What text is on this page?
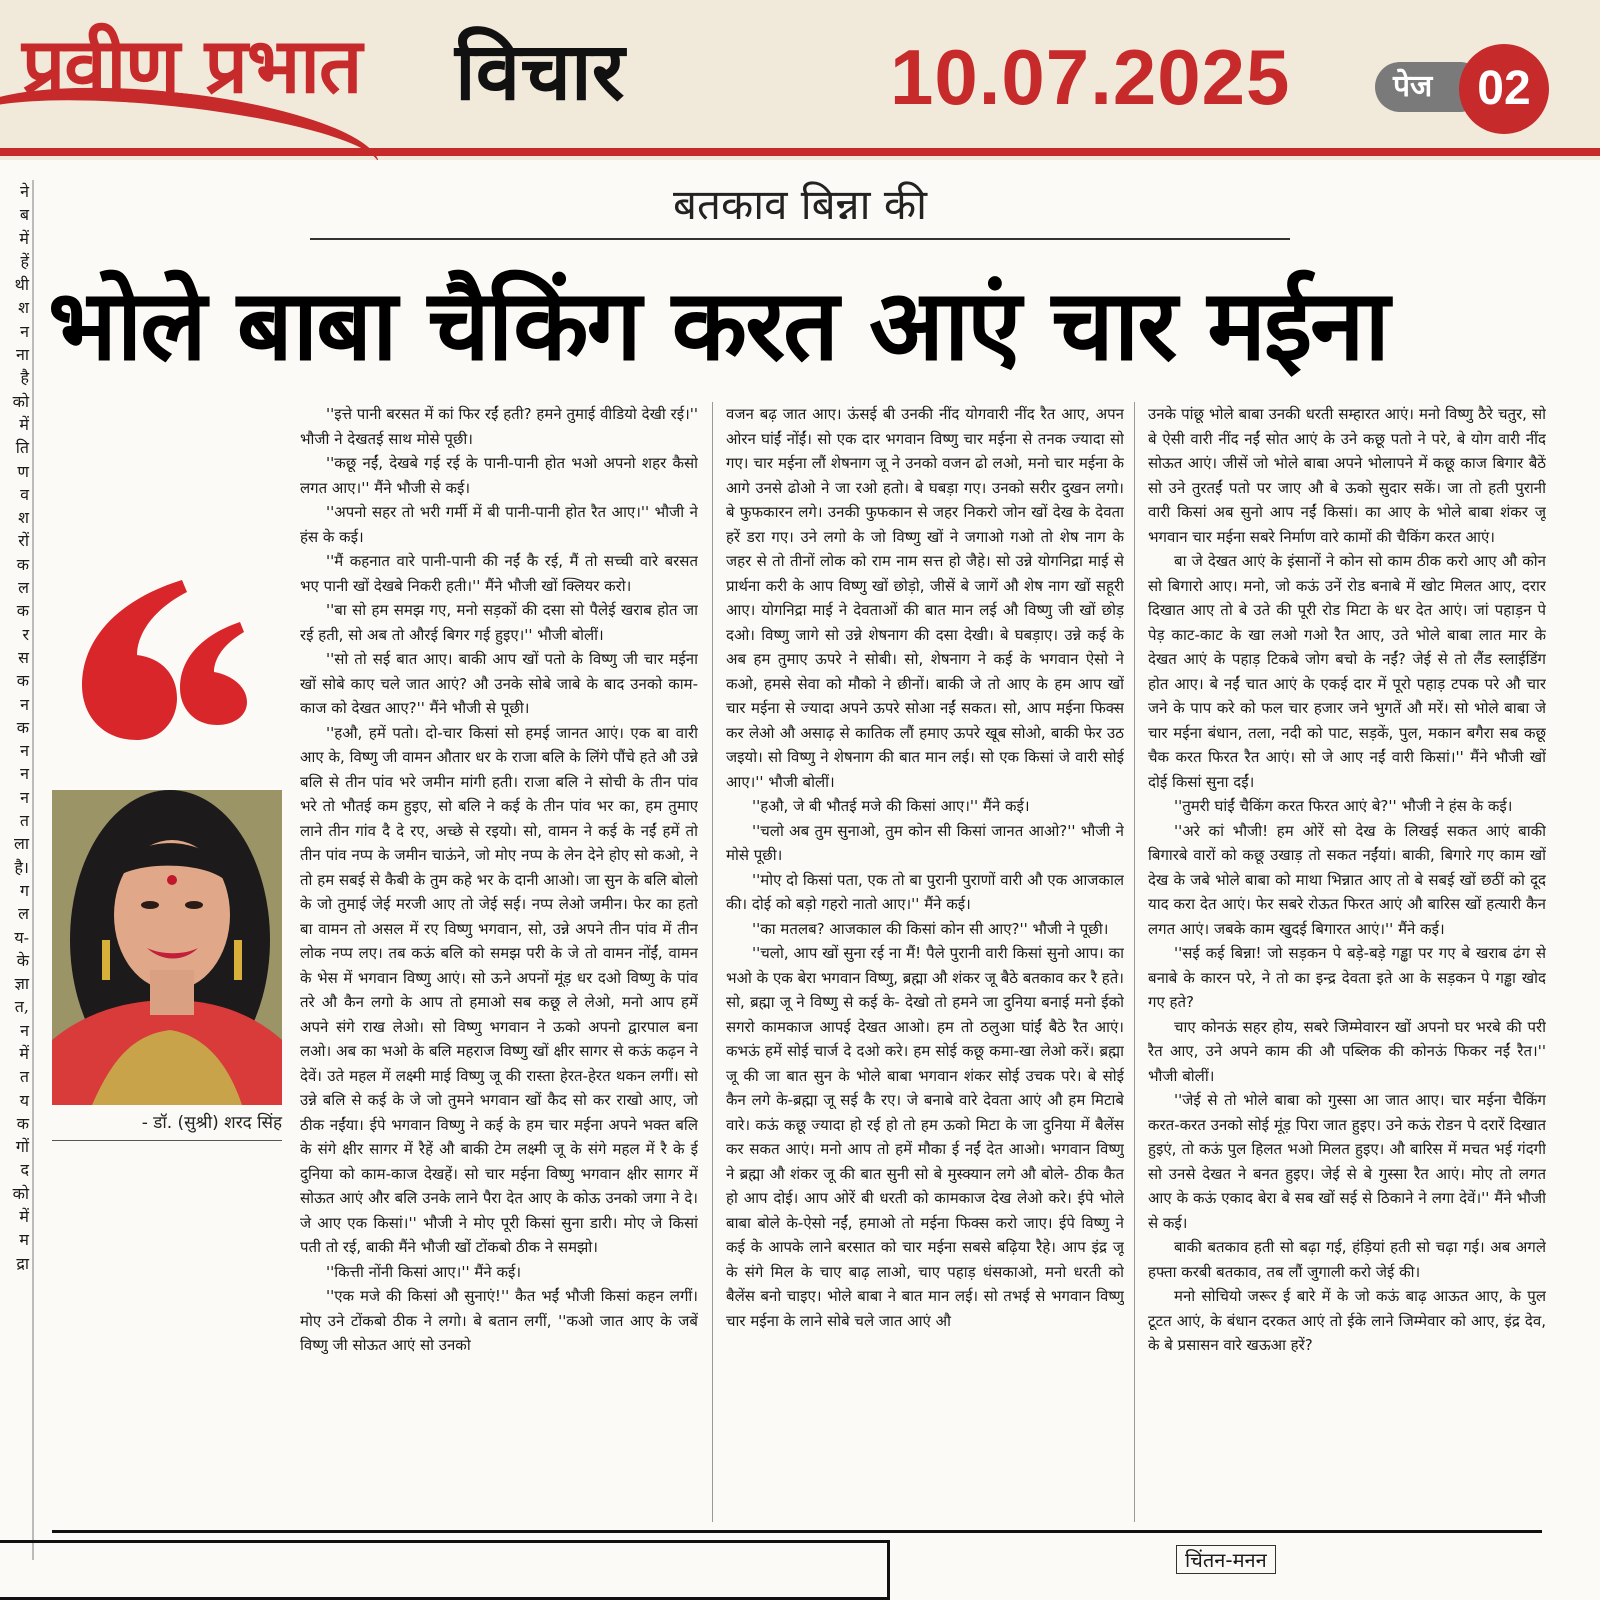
प्रवीण प्रभात विचार	10.07.2025	पेज 02
ने
ब
में
हें
थी
श
न
ना
है
को
में
ति
ण
व
श
रों
क
ल
क
र
स
क
न
क
न
न
न
त
ला
है।
ग
ल
य-
के
ज्ञा
त,
न
में
त
य
क
गों
द
को
में
म
द्रा
बतकाव बिन्ना की
भोले बाबा चैकिंग करत आएं चार मईना
- डॉ. (सुश्री) शरद सिंह

''इत्ते पानी बरसत में कां फिर रईं हती? हमने तुमाई वीडियो देखी रई।'' भौजी ने देखतई साथ मोसे पूछी।

''कछू नईं, देखबे गई रई के पानी-पानी होत भओ अपनो शहर कैसो लगत आए।'' मैंने भौजी से कई।

''अपनो सहर तो भरी गर्मी में बी पानी-पानी होत रैत आए।'' भौजी ने हंस के कई।

''मैं कहनात वारे पानी-पानी की नईं कै रई, मैं तो सच्ची वारे बरसत भए पानी खों देखबे निकरी हती।'' मैंने भौजी खों क्लियर करो।

''बा सो हम समझ गए, मनो सड़कों की दसा सो पैलेई खराब होत जा रई हती, सो अब तो औरई बिगर गई हुइए।'' भौजी बोलीं।

''सो तो सई बात आए। बाकी आप खों पतो के विष्णु जी चार मईना खों सोबे काए चले जात आएं? औ उनके सोबे जाबे के बाद उनको काम-काज को देखत आए?'' मैंने भौजी से पूछी।

''हऔ, हमें पतो। दो-चार किसां सो हमई जानत आएं। एक बा वारी आए के, विष्णु जी वामन औतार धर के राजा बलि के लिंगे पौंचे हते औ उन्ने बलि से तीन पांव भरे जमीन मांगी हती। राजा बलि ने सोची के तीन पांव भरे तो भौतई कम हुइए, सो बलि ने कई के तीन पांव भर का, हम तुमाए लाने तीन गांव दै दे रए, अच्छे से रइयो। सो, वामन ने कई के नईं हमें तो तीन पांव नप्प के जमीन चाऊंने, जो मोए नप्प के लेन देने होए सो कओ, ने तो हम सबई से कैबी के तुम कहे भर के दानी आओ। जा सुन के बलि बोलो के जो तुमाई जेई मरजी आए तो जेई सई। नप्प लेओ जमीन। फेर का हतो बा वामन तो असल में रए विष्णु भगवान, सो, उन्ने अपने तीन पांव में तीन लोक नप्प लए। तब कऊं बलि को समझ परी के जे तो वामन नोंईं, वामन के भेस में भगवान विष्णु आएं। सो ऊने अपनों मूंड़ धर दओ विष्णु के पांव तरे औ कैन लगो के आप तो हमाओ सब कछू ले लेओ, मनो आप हमें अपने संगे राख लेओ। सो विष्णु भगवान ने ऊको अपनो द्वारपाल बना लओ। अब का भओ के बलि महराज विष्णु खों क्षीर सागर से कऊं कढ़न ने देवें। उते महल में लक्ष्मी माई विष्णु जू की रास्ता हेरत-हेरत थकन लगीं। सो उन्ने बलि से कई के जे जो तुमने भगवान खों कैद सो कर राखो आए, जो ठीक नईंया। ईपे भगवान विष्णु ने कई के हम चार मईना अपने भक्त बलि के संगे क्षीर सागर में रैहें औ बाकी टेम लक्ष्मी जू के संगे महल में रै के ई दुनिया को काम-काज देखहें। सो चार मईना विष्णु भगवान क्षीर सागर में सोऊत आएं और बलि उनके लाने पैरा देत आए के कोऊ उनको जगा ने दे। जे आए एक किसां।'' भौजी ने मोए पूरी किसां सुना डारी। मोए जे किसां पती तो रई, बाकी मैंने भौजी खों टोंकबो ठीक ने समझो।

''कित्ती नोंनी किसां आए।'' मैंने कई।

''एक मजे की किसां औ सुनाएं!'' कैत भईं भौजी किसां कहन लगीं। मोए उने टोंकबो ठीक ने लगो। बे बतान लगीं, ''कओ जात आए के जबें विष्णु जी सोऊत आएं सो उनको

वजन बढ़ जात आए। ऊंसई बी उनकी नींद योगवारी नींद रैत आए, अपन ओरन घांईं नोंईं। सो एक दार भगवान विष्णु चार मईना से तनक ज्यादा सो गए। चार मईना लौं शेषनाग जू ने उनको वजन ढो लओ, मनो चार मईना के आगे उनसे ढोओ ने जा रओ हतो। बे घबड़ा गए। उनको सरीर दुखन लगो। बे फुफकारन लगे। उनकी फुफकान से जहर निकरो जोन खों देख के देवता हरें डरा गए। उने लगो के जो विष्णु खों ने जगाओ गओ तो शेष नाग के जहर से तो तीनों लोक को राम नाम सत्त हो जैहे। सो उन्ने योगनिद्रा माई से प्रार्थना करी के आप विष्णु खों छोड़ो, जीसें बे जागें औ शेष नाग खों सहूरी आए। योगनिद्रा माई ने देवताओं की बात मान लई औ विष्णु जी खों छोड़ दओ। विष्णु जागे सो उन्ने शेषनाग की दसा देखी। बे घबड़ाए। उन्ने कई के अब हम तुमाए ऊपरे ने सोबी। सो, शेषनाग ने कई के भगवान ऐसो ने कओ, हमसे सेवा को मौको ने छीनों। बाकी जे तो आए के हम आप खों चार मईना से ज्यादा अपने ऊपरे सोआ नईं सकत। सो, आप मईना फिक्स कर लेओ औ असाढ़ से कातिक लौं हमाए ऊपरे खूब सोओ, बाकी फेर उठ जइयो। सो विष्णु ने शेषनाग की बात मान लई। सो एक किसां जे वारी सोई आए।'' भौजी बोलीं।

''हऔ, जे बी भौतई मजे की किसां आए।'' मैंने कई।

''चलो अब तुम सुनाओ, तुम कोन सी किसां जानत आओ?'' भौजी ने मोसे पूछी।

''मोए दो किसां पता, एक तो बा पुरानी पुराणों वारी औ एक आजकाल की। दोई को बड़ो गहरो नातो आए।'' मैंने कई।

''का मतलब? आजकाल की किसां कोन सी आए?'' भौजी ने पूछी।

''चलो, आप खों सुना रई ना मैं! पैले पुरानी वारी किसां सुनो आप। का भओ के एक बेरा भगवान विष्णु, ब्रह्मा औ शंकर जू बैठे बतकाव कर रै हते। सो, ब्रह्मा जू ने विष्णु से कई के- देखो तो हमने जा दुनिया बनाई मनो ईको सगरो कामकाज आपई देखत आओ। हम तो ठलुआ घांईं बैठे रैत आएं। कभऊं हमें सोई चार्ज दे दओ करे। हम सोई कछू कमा-खा लेओ करें। ब्रह्मा जू की जा बात सुन के भोले बाबा भगवान शंकर सोई उचक परे। बे सोई कैन लगे के-ब्रह्मा जू सई कै रए। जे बनाबे वारे देवता आएं औ हम मिटाबे वारे। कऊं कछू ज्यादा हो रई हो तो हम ऊको मिटा के जा दुनिया में बैलेंस कर सकत आएं। मनो आप तो हमें मौका ई नईं देत आओ। भगवान विष्णु ने ब्रह्मा औ शंकर जू की बात सुनी सो बे मुस्क्यान लगे औ बोले- ठीक कैत हो आप दोई। आप ओरें बी धरती को कामकाज देख लेओ करे। ईपे भोले बाबा बोले के-ऐसो नईं, हमाओ तो मईना फिक्स करो जाए। ईपे विष्णु ने कई के आपके लाने बरसात को चार मईना सबसे बढ़िया रैहे। आप इंद्र जू के संगे मिल के चाए बाढ़ लाओ, चाए पहाड़ धंसकाओ, मनो धरती को बैलेंस बनो चाइए। भोले बाबा ने बात मान लई। सो तभई से भगवान विष्णु चार मईना के लाने सोबे चले जात आएं औ

उनके पांछू भोले बाबा उनकी धरती सम्हारत आएं। मनो विष्णु ठैरे चतुर, सो बे ऐसी वारी नींद नईं सोत आएं के उने कछू पतो ने परे, बे योग वारी नींद सोऊत आएं। जीसें जो भोले बाबा अपने भोलापने में कछू काज बिगार बैठें सो उने तुरतईं पतो पर जाए औ बे ऊको सुदार सकें। जा तो हती पुरानी वारी किसां अब सुनो आप नईं किसां। का आए के भोले बाबा शंकर जू भगवान चार मईना सबरे निर्माण वारे कामों की चैकिंग करत आएं।

बा जे देखत आएं के इंसानों ने कोन सो काम ठीक करो आए औ कोन सो बिगारो आए। मनो, जो कऊं उनें रोड बनाबे में खोट मिलत आए, दरार दिखात आए तो बे उते की पूरी रोड मिटा के धर देत आएं। जां पहाड़न पे पेड़ काट-काट के खा लओ गओ रैत आए, उते भोले बाबा लात मार के देखत आएं के पहाड़ टिकबे जोग बचो के नईं? जेई से तो लैंड स्लाईडिंग होत आए। बे नईं चात आएं के एकई दार में पूरो पहाड़ टपक परे औ चार जने के पाप करे को फल चार हजार जने भुगतें औ मरें। सो भोले बाबा जे चार मईना बंधान, तला, नदी को पाट, सड़कें, पुल, मकान बगैरा सब कछू चैक करत फिरत रैत आएं। सो जे आए नईं वारी किसां।'' मैंने भौजी खों दोई किसां सुना दईं।

''तुमरी घांईं चैकिंग करत फिरत आएं बे?'' भौजी ने हंस के कई।

''अरे कां भौजी! हम ओरें सो देख के लिखई सकत आएं बाकी बिगारबे वारों को कछू उखाड़ तो सकत नईंयां। बाकी, बिगारे गए काम खों देख के जबे भोले बाबा को माथा भिन्नात आए तो बे सबई खों छठीं को दूद याद करा देत आएं। फेर सबरे रोऊत फिरत आएं औ बारिस खों हत्यारी कैन लगत आएं। जबके काम खुदई बिगारत आएं।'' मैंने कई।

''सई कई बिन्ना! जो सड़कन पे बड़े-बड़े गड्ढा पर गए बे खराब ढंग से बनाबे के कारन परे, ने तो का इन्द्र देवता इते आ के सड़कन पे गड्ढा खोद गए हते?

चाए कोनऊं सहर होय, सबरे जिम्मेवारन खों अपनो घर भरबे की परी रैत आए, उने अपने काम की औ पब्लिक की कोनऊं फिकर नईं रैत।'' भौजी बोलीं।

''जेई से तो भोले बाबा को गुस्सा आ जात आए। चार मईना चैकिंग करत-करत उनको सोई मूंड़ पिरा जात हुइए। उने कऊं रोडन पे दरारें दिखात हुइएं, तो कऊं पुल हिलत भओ मिलत हुइए। औ बारिस में मचत भई गंदगी सो उनसे देखत ने बनत हुइए। जेई से बे गुस्सा रैत आएं। मोए तो लगत आए के कऊं एकाद बेरा बे सब खों सई से ठिकाने ने लगा देवें।'' मैंने भौजी से कई।

बाकी बतकाव हती सो बढ़ा गई, हंड़ियां हती सो चढ़ा गई। अब अगले हफ्ता करबी बतकाव, तब लौं जुगाली करो जेई की।

मनो सोचियो जरूर ई बारे में के जो कऊं बाढ़ आऊत आए, के पुल टूटत आएं, के बंधान दरकत आएं तो ईके लाने जिम्मेवार को आए, इंद्र देव, के बे प्रसासन वारे खऊआ हरें?

चिंतन-मनन
